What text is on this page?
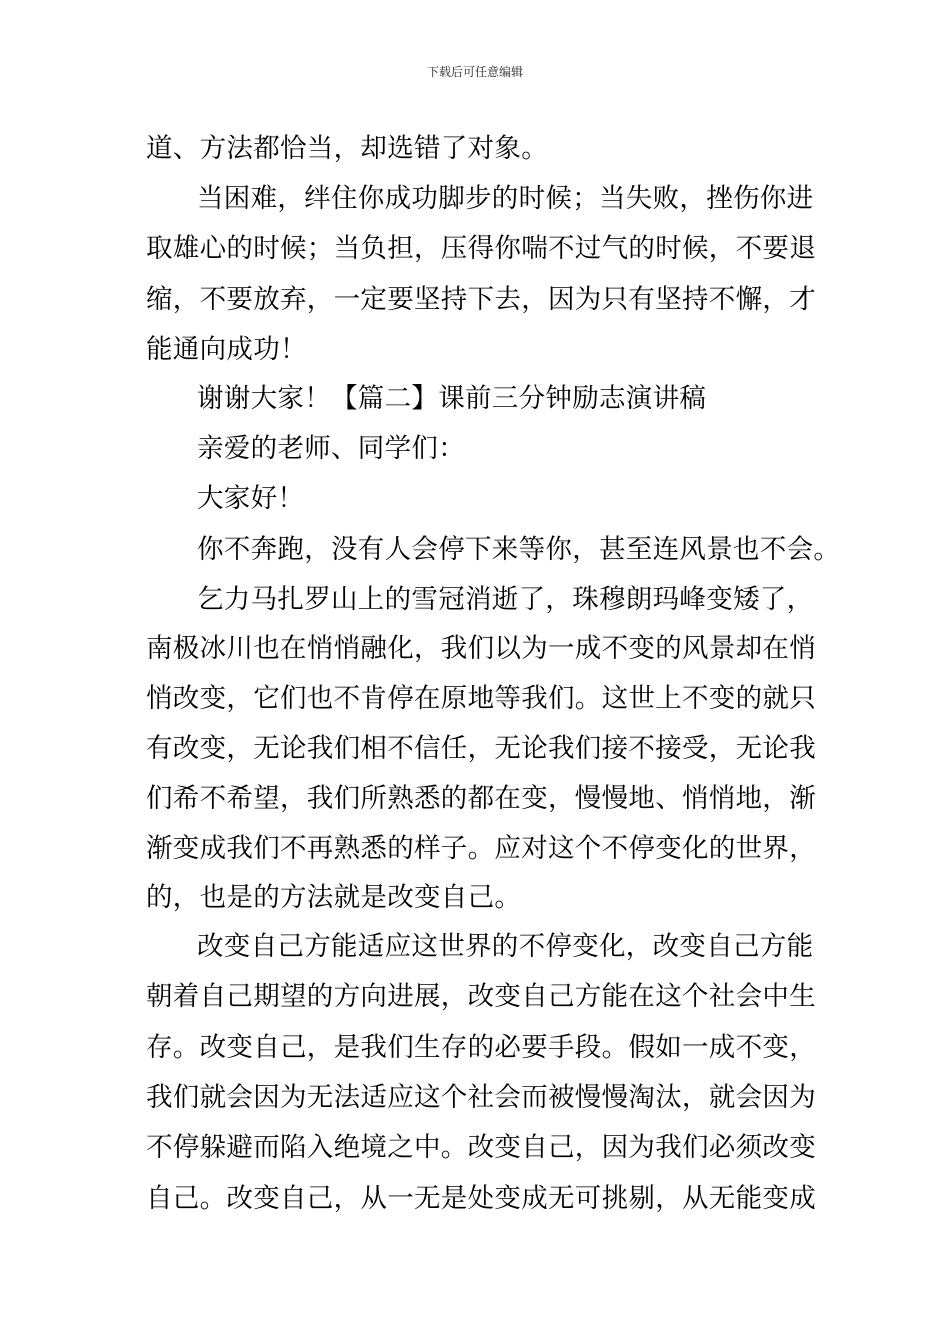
下载后可任意编辑
道、方法都恰当，却选错了对象。
当困难，绊住你成功脚步的时候；当失败，挫伤你进
取雄心的时候；当负担，压得你喘不过气的时候，不要退
缩，不要放弃，一定要坚持下去，因为只有坚持不懈，才
能通向成功！
谢谢大家！【篇二】课前三分钟励志演讲稿
亲爱的老师、同学们：
大家好！
你不奔跑，没有人会停下来等你，甚至连风景也不会。
乞力马扎罗山上的雪冠消逝了，珠穆朗玛峰变矮了，
南极冰川也在悄悄融化，我们以为一成不变的风景却在悄
悄改变，它们也不肯停在原地等我们。这世上不变的就只
有改变，无论我们相不信任，无论我们接不接受，无论我
们希不希望，我们所熟悉的都在变，慢慢地、悄悄地，渐
渐变成我们不再熟悉的样子。应对这个不停变化的世界，
的，也是的方法就是改变自己。
改变自己方能适应这世界的不停变化，改变自己方能
朝着自己期望的方向进展，改变自己方能在这个社会中生
存。改变自己，是我们生存的必要手段。假如一成不变，
我们就会因为无法适应这个社会而被慢慢淘汰，就会因为
不停躲避而陷入绝境之中。改变自己，因为我们必须改变
自己。改变自己，从一无是处变成无可挑剔，从无能变成
